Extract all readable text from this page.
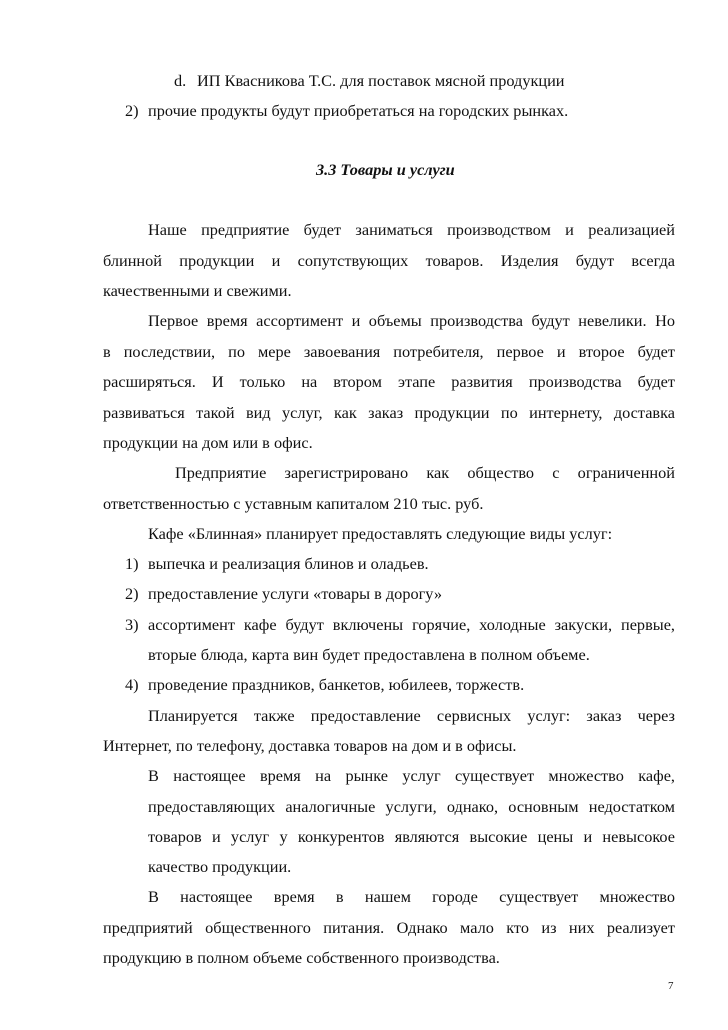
d. ИП Квасникова Т.С. для поставок мясной продукции
2) прочие продукты будут приобретаться на городских рынках.
3.3 Товары и услуги
Наше предприятие будет заниматься производством и реализацией
блинной продукции и сопутствующих товаров. Изделия будут всегда
качественными и свежими.
Первое время ассортимент и объемы производства будут невелики. Но
в последствии, по мере завоевания потребителя, первое и второе будет
расширяться. И только на втором этапе развития производства будет
развиваться такой вид услуг, как заказ продукции по интернету, доставка
продукции на дом или в офис.
Предприятие зарегистрировано как общество с ограниченной
ответственностью с уставным капиталом 210 тыс. руб.
Кафе «Блинная» планирует предоставлять следующие виды услуг:
1) выпечка и реализация блинов и оладьев.
2) предоставление услуги «товары в дорогу»
3) ассортимент кафе будут включены горячие, холодные закуски, первые,
вторые блюда, карта вин будет предоставлена в полном объеме.
4) проведение праздников, банкетов, юбилеев, торжеств.
Планируется также предоставление сервисных услуг: заказ через
Интернет, по телефону, доставка товаров на дом и в офисы.
В настоящее время на рынке услуг существует множество кафе,
предоставляющих аналогичные услуги, однако, основным недостатком
товаров и услуг у конкурентов являются высокие цены и невысокое
качество продукции.
В настоящее время в нашем городе существует множество
предприятий общественного питания. Однако мало кто из них реализует
продукцию в полном объеме собственного производства.
7
